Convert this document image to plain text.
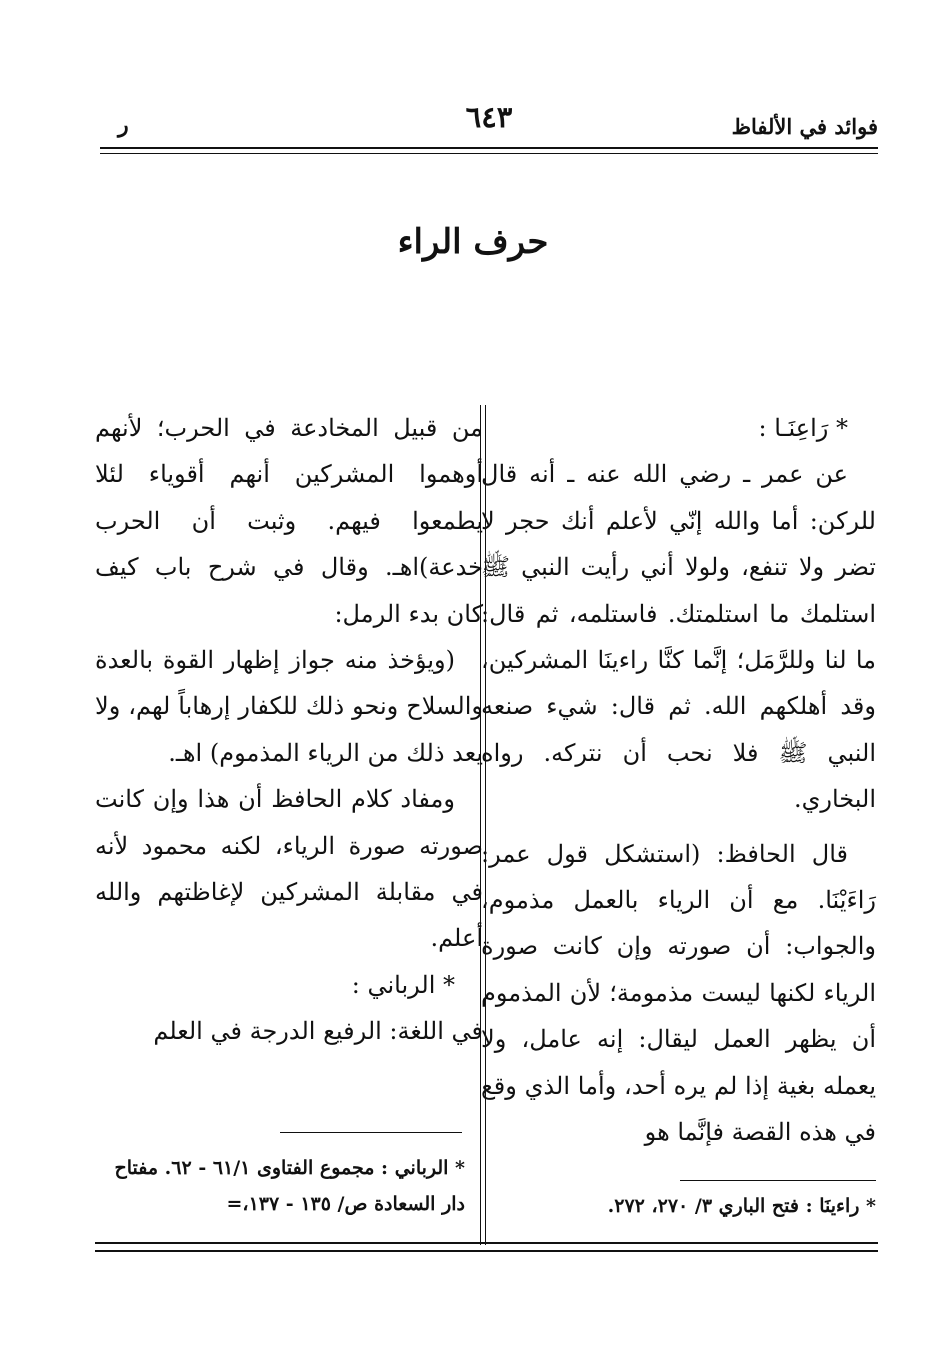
فوائد في الألفاظ
٦٤٣
ر
حرف الراء

* رَاعِنَـا :

عن عمر ـ رضي الله عنه ـ أنه قال للركن: أما والله إنّي لأعلم أنك حجر لا تضر ولا تنفع، ولولا أني رأيت النبي ﷺ استلمك ما استلمتك. فاستلمه، ثم قال: ما لنا وللرَّمَل؛ إنَّما كنَّا راءينَا المشركين، وقد أهلكهم الله. ثم قال: شيء صنعه النبي ﷺ فلا نحب أن نتركه. رواه البخاري.

قال الحافظ: (استشكل قول عمر: رَاءَيْنَا. مع أن الرياء بالعمل مذموم، والجواب: أن صورته وإن كانت صورة الرياء لكنها ليست مذمومة؛ لأن المذموم أن يظهر العمل ليقال: إنه عامل، ولا يعمله بغية إذا لم يره أحد، وأما الذي وقع في هذه القصة فإنَّما هو

من قبيل المخادعة في الحرب؛ لأنهم أوهموا المشركين أنهم أقوياء لئلا يطمعوا فيهم. وثبت أن الحرب خدعة)اهـ. وقال في شرح باب كيف كان بدء الرمل:

(ويؤخذ منه جواز إظهار القوة بالعدة والسلاح ونحو ذلك للكفار إرهاباً لهم، ولا يعد ذلك من الرياء المذموم) اهـ.

ومفاد كلام الحافظ أن هذا وإن كانت صورته صورة الرياء، لكنه محمود لأنه في مقابلة المشركين لإغاظتهم والله أعلم.

* الرباني :

في اللغة: الرفيع الدرجة في العلم

* الرباني : مجموع الفتاوى ٦١/١ - ٦٢. مفتاح دار السعادة ص/ ١٣٥ - ١٣٧،=	* راءينَا : فتح الباري ٣/ ٢٧٠، ٢٧٢.
